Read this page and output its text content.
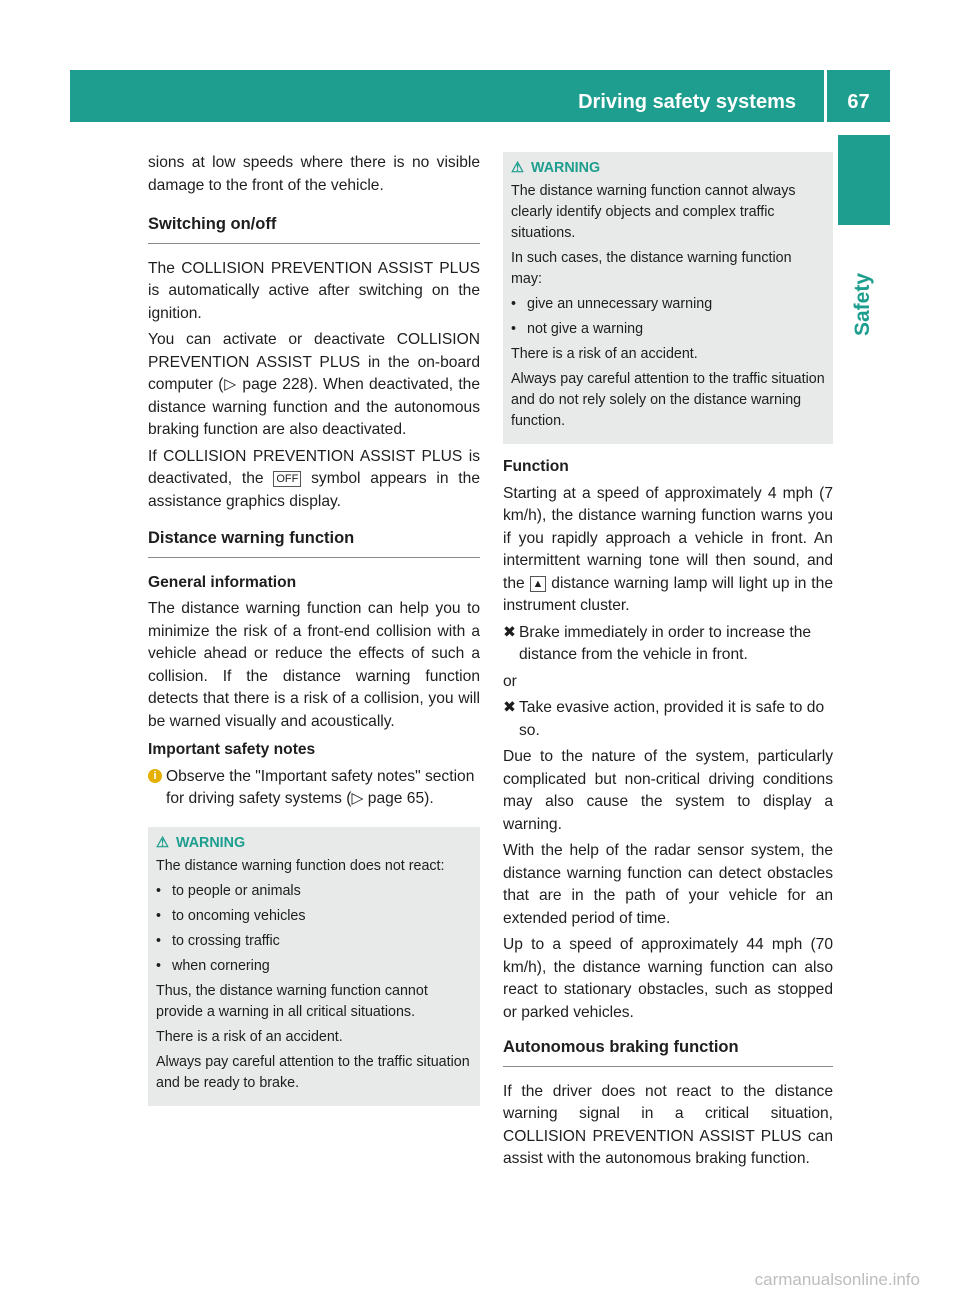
Driving safety systems	67
Safety

sions at low speeds where there is no visible damage to the front of the vehicle.

Switching on/off

The COLLISION PREVENTION ASSIST PLUS is automatically active after switching on the ignition.

You can activate or deactivate COLLISION PREVENTION ASSIST PLUS in the on-board computer (▷ page 228). When deactivated, the distance warning function and the autonomous braking function are also deactivated.

If COLLISION PREVENTION ASSIST PLUS is deactivated, the OFF symbol appears in the assistance graphics display.

Distance warning function
General information

The distance warning function can help you to minimize the risk of a front-end collision with a vehicle ahead or reduce the effects of such a collision. If the distance warning function detects that there is a risk of a collision, you will be warned visually and acoustically.

Important safety notes
i Observe the "Important safety notes" section for driving safety systems (▷ page 65).
⚠ WARNING

The distance warning function does not react:

• to people or animals
• to oncoming vehicles
• to crossing traffic
• when cornering

Thus, the distance warning function cannot provide a warning in all critical situations.

There is a risk of an accident.

Always pay careful attention to the traffic situation and be ready to brake.

⚠ WARNING

The distance warning function cannot always clearly identify objects and complex traffic situations.

In such cases, the distance warning function may:

• give an unnecessary warning
• not give a warning

There is a risk of an accident.

Always pay careful attention to the traffic situation and do not rely solely on the distance warning function.

Function

Starting at a speed of approximately 4 mph (7 km/h), the distance warning function warns you if you rapidly approach a vehicle in front. An intermittent warning tone will then sound, and the ▲ distance warning lamp will light up in the instrument cluster.

✖ Brake immediately in order to increase the distance from the vehicle in front.

or

✖ Take evasive action, provided it is safe to do so.

Due to the nature of the system, particularly complicated but non-critical driving conditions may also cause the system to display a warning.

With the help of the radar sensor system, the distance warning function can detect obstacles that are in the path of your vehicle for an extended period of time.

Up to a speed of approximately 44 mph (70 km/h), the distance warning function can also react to stationary obstacles, such as stopped or parked vehicles.

Autonomous braking function

If the driver does not react to the distance warning signal in a critical situation, COLLISION PREVENTION ASSIST PLUS can assist with the autonomous braking function.

carmanualsonline.info
